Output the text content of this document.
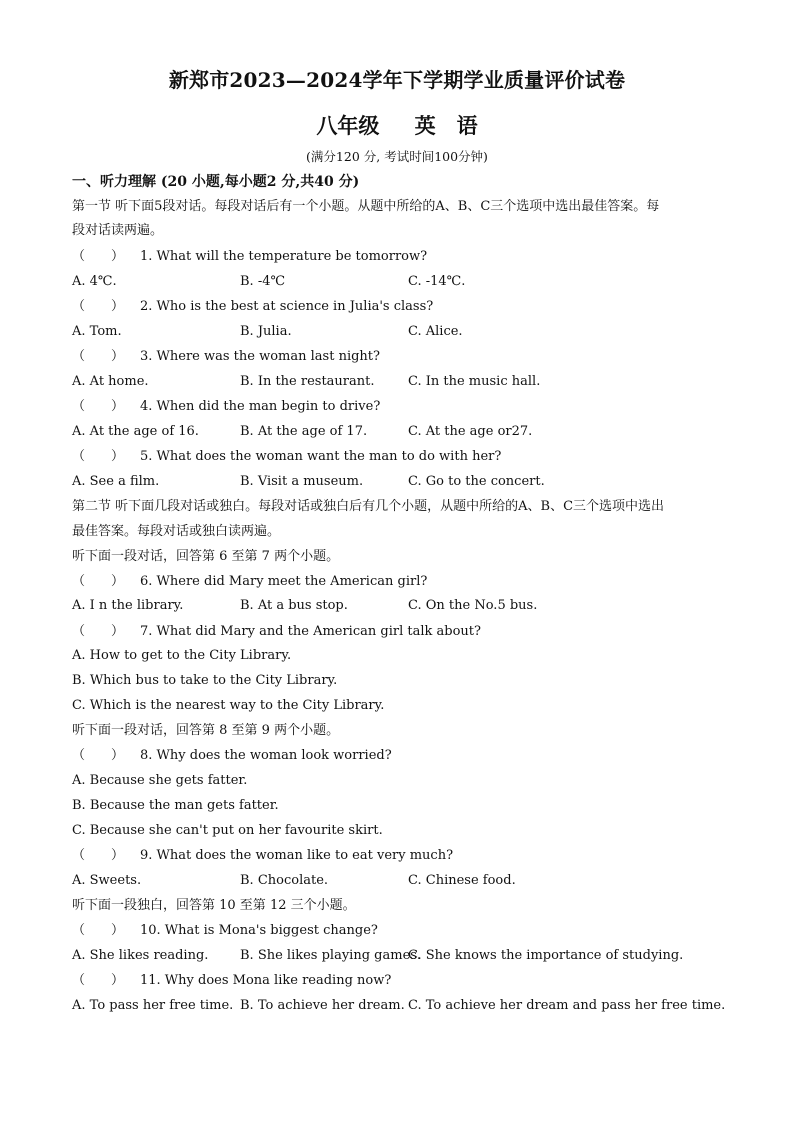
新郑市2023—2024学年下学期学业质量评价试卷
八年级 英　语
(满分120 分, 考试时间100分钟)
一、听力理解 (20 小题,每小题2 分,共40 分)
第一节 听下面5段对话。每段对话后有一个小题。从题中所给的A、B、C三个选项中选出最佳答案。每
段对话读两遍。
（　　） 1. What will the temperature be tomorrow?
A. 4℃.	B. -4℃	C. -14℃.
（　　） 2. Who is the best at science in Julia's class?
A. Tom.	B. Julia.	C. Alice.
（　　） 3. Where was the woman last night?
A. At home.	B. In the restaurant.	C. In the music hall.
（　　） 4. When did the man begin to drive?
A. At the age of 16.	B. At the age of 17.	C. At the age or27.
（　　） 5. What does the woman want the man to do with her?
A. See a film.	B. Visit a museum.	C. Go to the concert.
第二节 听下面几段对话或独白。每段对话或独白后有几个小题，从题中所给的A、B、C三个选项中选出
最佳答案。每段对话或独白读两遍。
听下面一段对话，回答第 6 至第 7 两个小题。
（　　） 6. Where did Mary meet the American girl?
A. I n the library.	B. At a bus stop.	C. On the No.5 bus.
（　　） 7. What did Mary and the American girl talk about?
A. How to get to the City Library.
B. Which bus to take to the City Library.
C. Which is the nearest way to the City Library.
听下面一段对话，回答第 8 至第 9 两个小题。
（　　） 8. Why does the woman look worried?
A. Because she gets fatter.
B. Because the man gets fatter.
C. Because she can't put on her favourite skirt.
（　　） 9. What does the woman like to eat very much?
A. Sweets.	B. Chocolate.	C. Chinese food.
听下面一段独白，回答第 10 至第 12 三个小题。
（　　） 10. What is Mona's biggest change?
A. She likes reading. B. She likes playing games.
C. She knows the importance of studying.
（　　） 11. Why does Mona like reading now?
A. To pass her free time. B. To achieve her dream. C. To achieve her dream and pass her free time.
